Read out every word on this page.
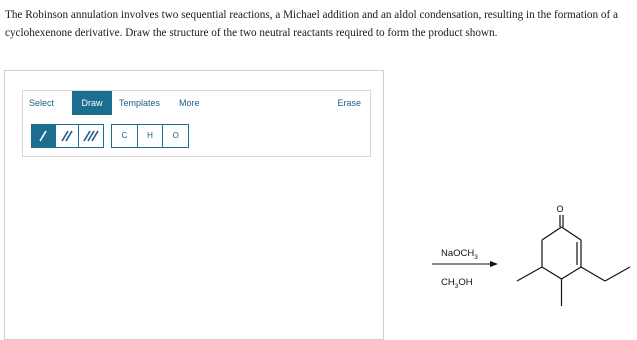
The Robinson annulation involves two sequential reactions, a Michael addition and an aldol condensation, resulting in the formation of a cyclohexenone derivative. Draw the structure of the two neutral reactants required to form the product shown.
Select	Draw	Templates More	Erase
C	H	O
NaOCH$_3$
$CH_3OH$
O
